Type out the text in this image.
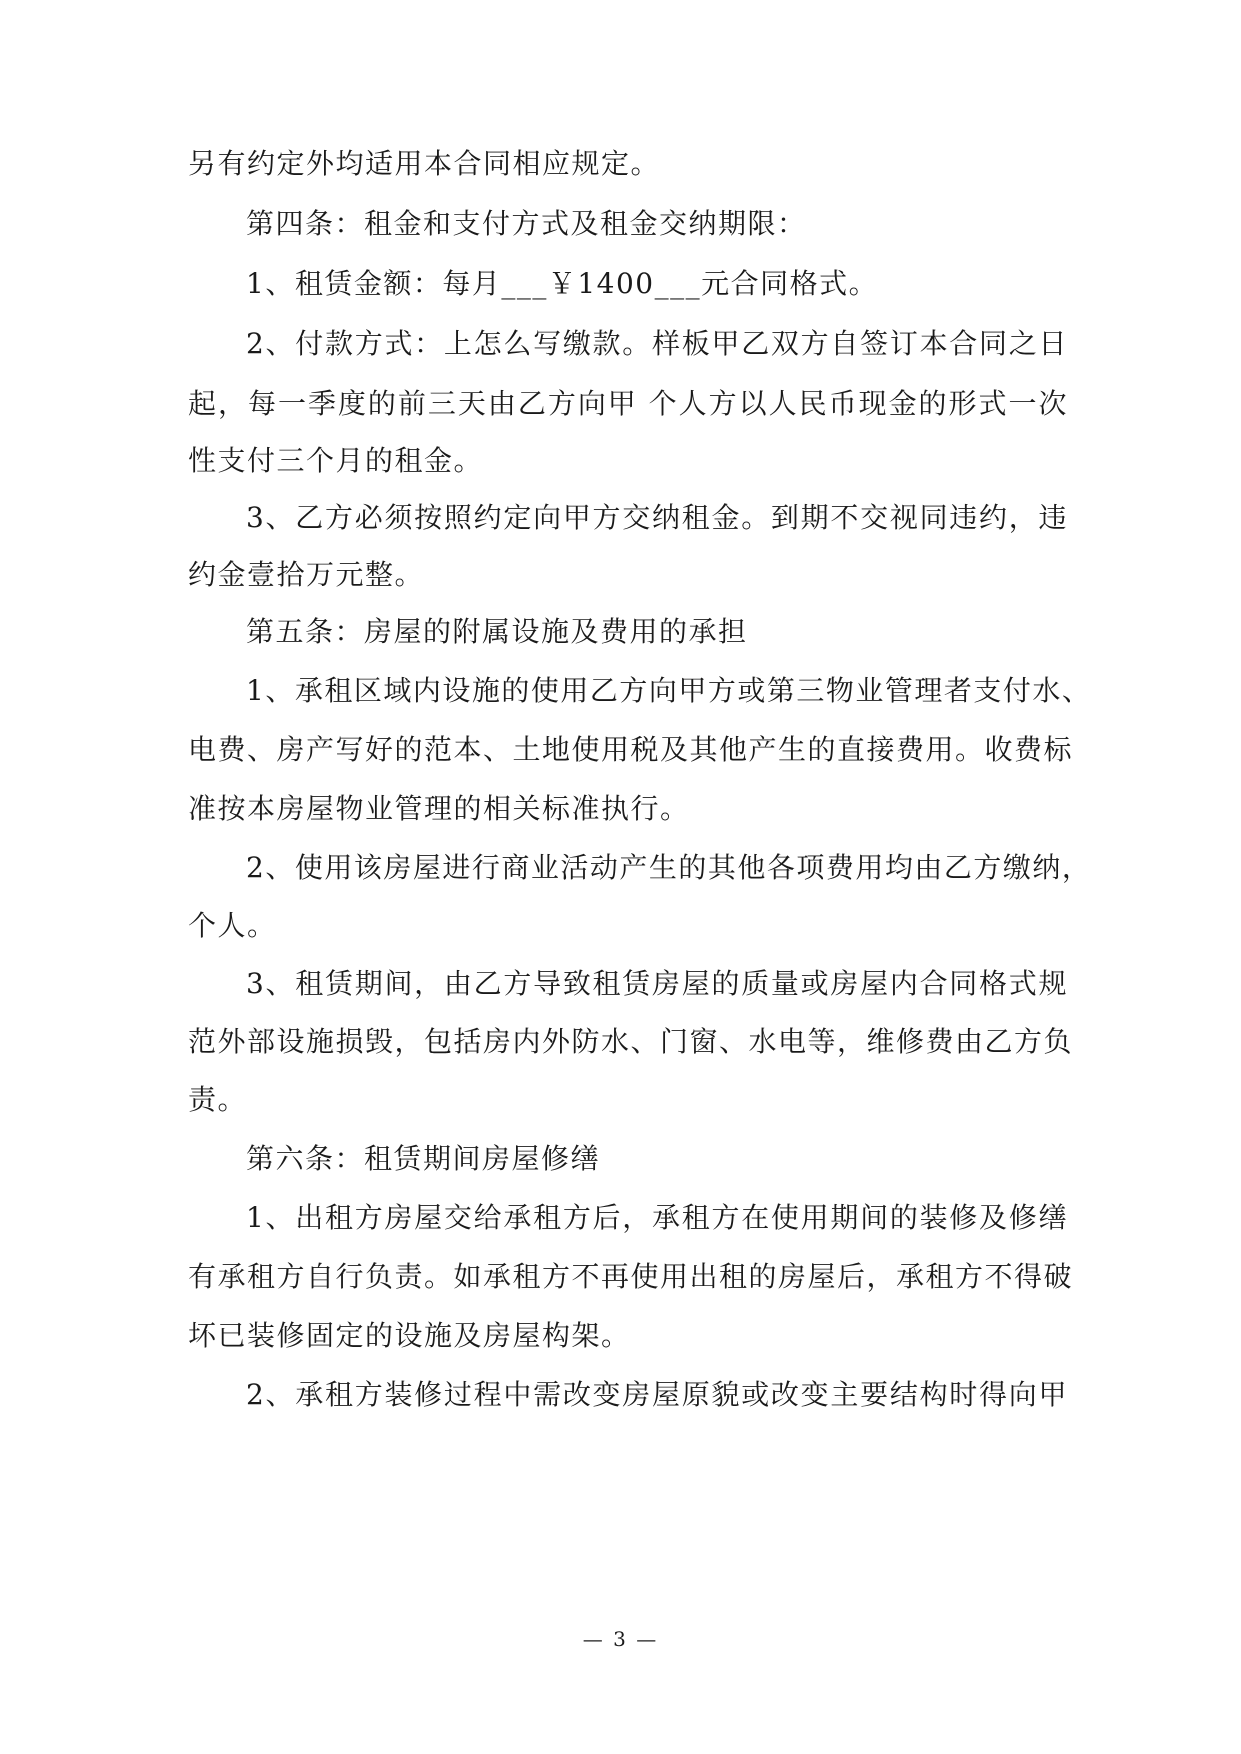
另有约定外均适用本合同相应规定。
第四条：租金和支付方式及租金交纳期限：
1、租赁金额：每月___￥1400___元合同格式。
2、付款方式：上怎么写缴款。样板甲乙双方自签订本合同之日
起，每一季度的前三天由乙方向甲 个人方以人民币现金的形式一次
性支付三个月的租金。
3、乙方必须按照约定向甲方交纳租金。到期不交视同违约，违
约金壹拾万元整。
第五条：房屋的附属设施及费用的承担
1、承租区域内设施的使用乙方向甲方或第三物业管理者支付水、
电费、房产写好的范本、土地使用税及其他产生的直接费用。收费标
准按本房屋物业管理的相关标准执行。
2、使用该房屋进行商业活动产生的其他各项费用均由乙方缴纳，
个人。
3、租赁期间，由乙方导致租赁房屋的质量或房屋内合同格式规
范外部设施损毁，包括房内外防水、门窗、水电等，维修费由乙方负
责。
第六条：租赁期间房屋修缮
1、出租方房屋交给承租方后，承租方在使用期间的装修及修缮
有承租方自行负责。如承租方不再使用出租的房屋后，承租方不得破
坏已装修固定的设施及房屋构架。
2、承租方装修过程中需改变房屋原貌或改变主要结构时得向甲
— 3 —
